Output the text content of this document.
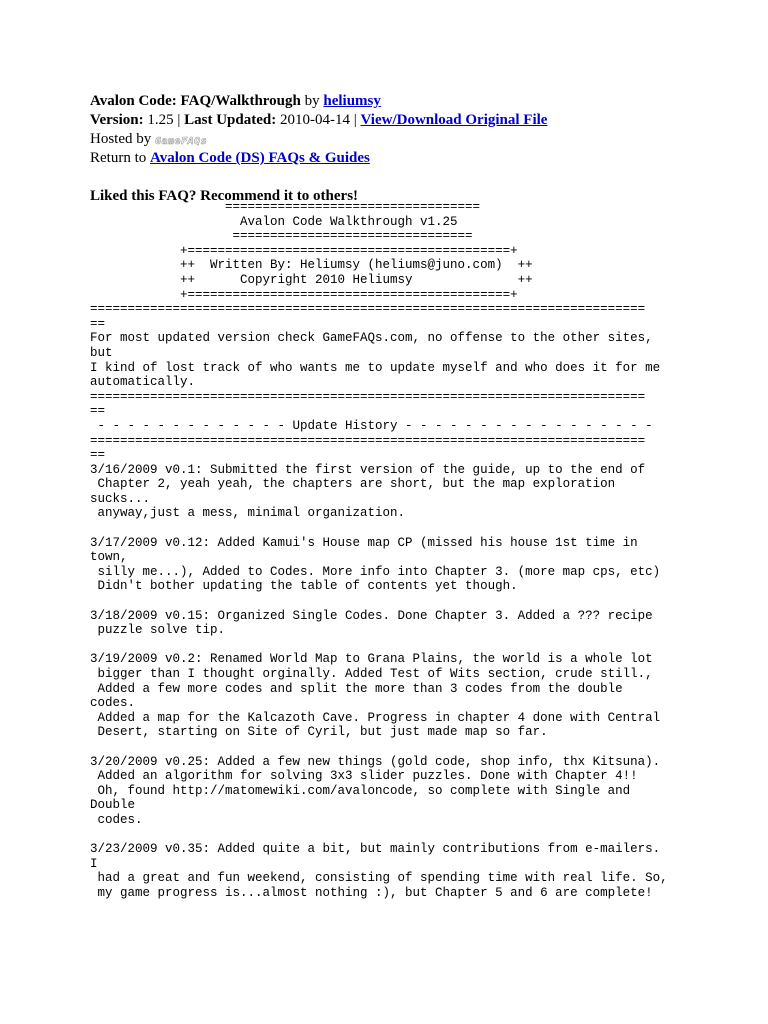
Avalon Code: FAQ/Walkthrough by heliumsy
Version: 1.25 | Last Updated: 2010-04-14 | View/Download Original File
Hosted by GameFAQs
Return to Avalon Code (DS) FAQs & Guides
Liked this FAQ? Recommend it to others!
==================================
Avalon Code Walkthrough v1.25
================================
+===========================================+
++  Written By: Heliumsy (heliums@juno.com)  ++
++      Copyright 2010 Heliumsy              ++
+===========================================+
==========================================================================
==
For most updated version check GameFAQs.com, no offense to the other sites,
but
I kind of lost track of who wants me to update myself and who does it for me
automatically.
==========================================================================
==
- - - - - - - - - - - - - Update History - - - - - - - - - - - - - - - - -
==========================================================================
==
3/16/2009 v0.1: Submitted the first version of the guide, up to the end of
Chapter 2, yeah yeah, the chapters are short, but the map exploration
sucks...
anyway,just a mess, minimal organization.

3/17/2009 v0.12: Added Kamui's House map CP (missed his house 1st time in
town,
silly me...), Added to Codes. More info into Chapter 3. (more map cps, etc)
Didn't bother updating the table of contents yet though.

3/18/2009 v0.15: Organized Single Codes. Done Chapter 3. Added a ??? recipe
puzzle solve tip.

3/19/2009 v0.2: Renamed World Map to Grana Plains, the world is a whole lot
bigger than I thought orginally. Added Test of Wits section, crude still.,
Added a few more codes and split the more than 3 codes from the double
codes.
Added a map for the Kalcazoth Cave. Progress in chapter 4 done with Central
Desert, starting on Site of Cyril, but just made map so far.

3/20/2009 v0.25: Added a few new things (gold code, shop info, thx Kitsuna).
Added an algorithm for solving 3x3 slider puzzles. Done with Chapter 4!!
Oh, found http://matomewiki.com/avaloncode, so complete with Single and
Double
codes.

3/23/2009 v0.35: Added quite a bit, but mainly contributions from e-mailers.
I
had a great and fun weekend, consisting of spending time with real life. So,
my game progress is...almost nothing :), but Chapter 5 and 6 are complete!
